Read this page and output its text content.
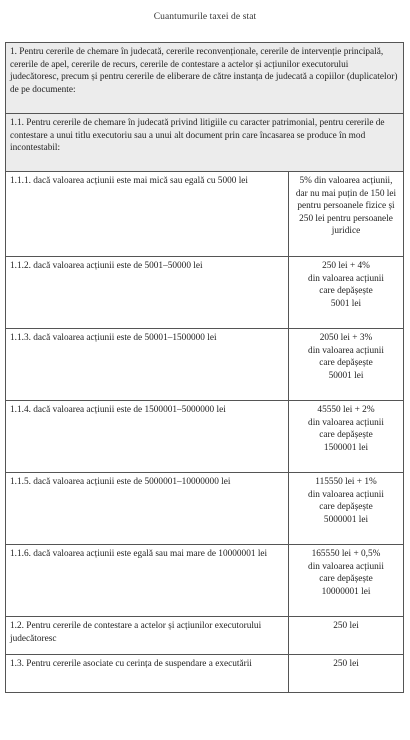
Cuantumurile taxei de stat
1. Pentru cererile de chemare în judecată, cererile reconvenționale, cererile de intervenție principală, cererile de apel, cererile de recurs, cererile de contestare a actelor și acțiunilor executorului judecătoresc, precum și pentru cererile de eliberare de către instanța de judecată a copiilor (duplicatelor) de pe documente:	
1.1. Pentru cererile de chemare în judecată privind litigiile cu caracter patrimonial, pentru cererile de contestare a unui titlu executoriu sau a unui alt document prin care încasarea se produce în mod incontestabil:	
1.1.1. dacă valoarea acțiunii este mai mică sau egală cu 5000 lei	5% din valoarea acțiunii, dar nu mai puțin de 150 lei pentru persoanele fizice și 250 lei pentru persoanele juridice
1.1.2. dacă valoarea acțiunii este de 5001–50000 lei	250 lei + 4%
din valoarea acțiunii
care depășește
5001 lei
1.1.3. dacă valoarea acțiunii este de 50001–1500000 lei	2050 lei + 3%
din valoarea acțiunii
care depășește
50001 lei
1.1.4. dacă valoarea acțiunii este de 1500001–5000000 lei	45550 lei + 2%
din valoarea acțiunii
care depășește
1500001 lei
1.1.5. dacă valoarea acțiunii este de 5000001–10000000 lei	115550 lei + 1%
din valoarea acțiunii
care depășește
5000001 lei
1.1.6. dacă valoarea acțiunii este egală sau mai mare de 10000001 lei	165550 lei + 0,5%
din valoarea acțiunii
care depășește
10000001 lei
1.2. Pentru cererile de contestare a actelor și acțiunilor executorului judecătoresc	250 lei
1.3. Pentru cererile asociate cu cerința de suspendare a executării	250 lei
